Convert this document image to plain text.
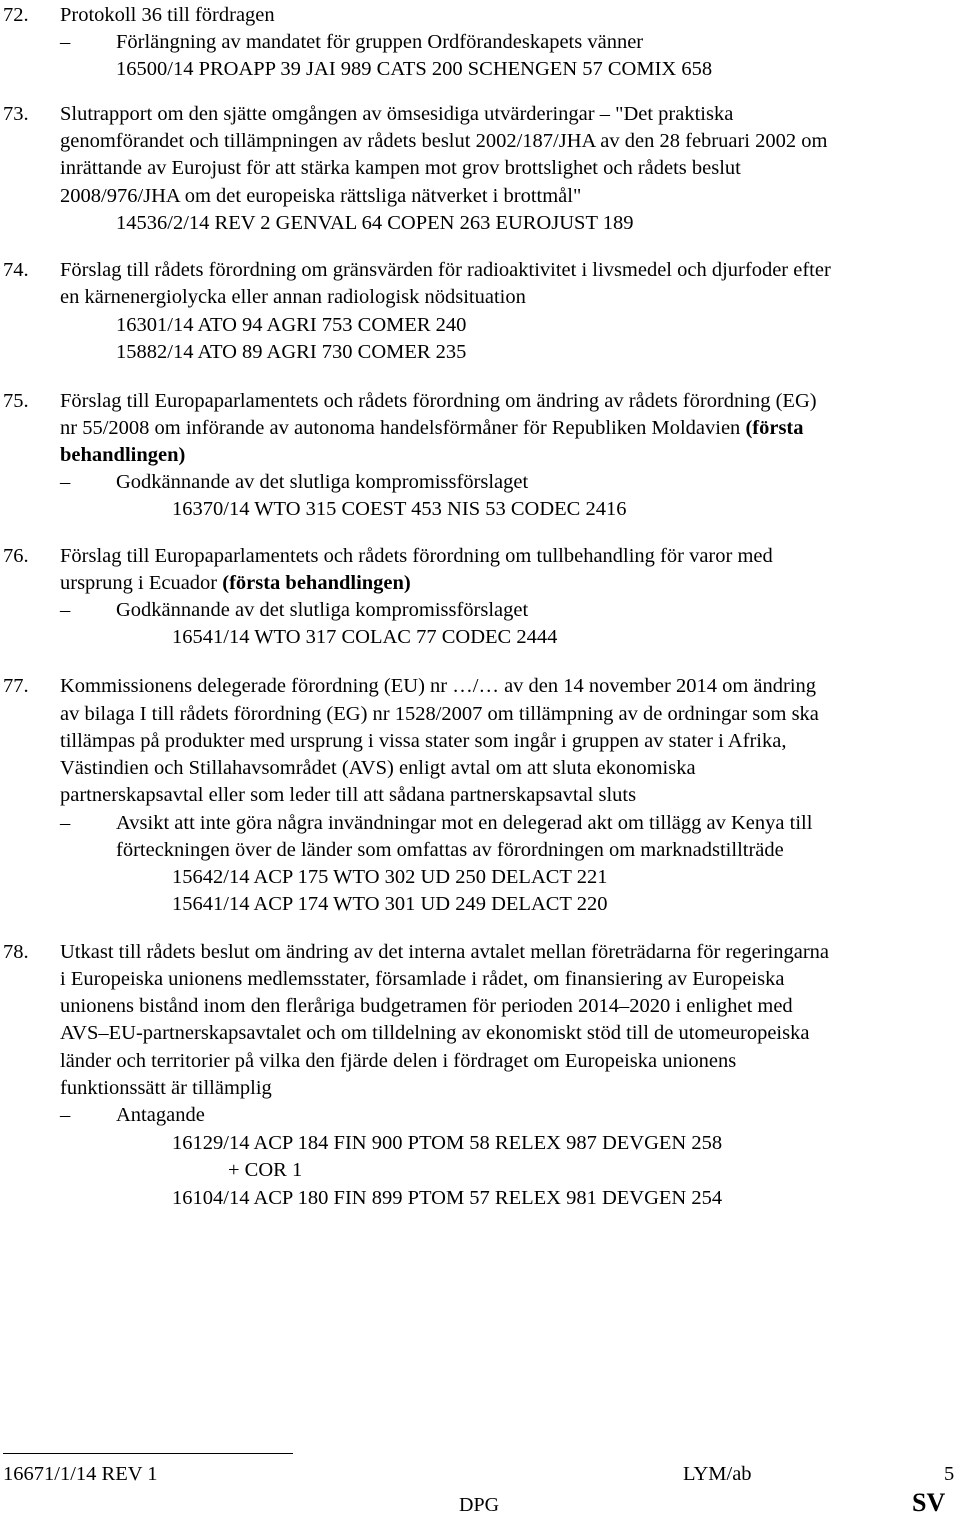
72. Protokoll 36 till fördragen
– Förlängning av mandatet för gruppen Ordförandeskapets vänner
16500/14 PROAPP 39 JAI 989 CATS 200 SCHENGEN 57 COMIX 658
73. Slutrapport om den sjätte omgången av ömsesidiga utvärderingar – "Det praktiska
genomförandet och tillämpningen av rådets beslut 2002/187/JHA av den 28 februari 2002 om
inrättande av Eurojust för att stärka kampen mot grov brottslighet och rådets beslut
2008/976/JHA om det europeiska rättsliga nätverket i brottmål"
14536/2/14 REV 2 GENVAL 64 COPEN 263 EUROJUST 189
74. Förslag till rådets förordning om gränsvärden för radioaktivitet i livsmedel och djurfoder efter
en kärnenergiolycka eller annan radiologisk nödsituation
16301/14 ATO 94 AGRI 753 COMER 240
15882/14 ATO 89 AGRI 730 COMER 235
75. Förslag till Europaparlamentets och rådets förordning om ändring av rådets förordning (EG)
nr 55/2008 om införande av autonoma handelsförmåner för Republiken Moldavien (första
behandlingen)
– Godkännande av det slutliga kompromissförslaget
16370/14 WTO 315 COEST 453 NIS 53 CODEC 2416
76. Förslag till Europaparlamentets och rådets förordning om tullbehandling för varor med
ursprung i Ecuador (första behandlingen)
– Godkännande av det slutliga kompromissförslaget
16541/14 WTO 317 COLAC 77 CODEC 2444
77. Kommissionens delegerade förordning (EU) nr …/… av den 14 november 2014 om ändring
av bilaga I till rådets förordning (EG) nr 1528/2007 om tillämpning av de ordningar som ska
tillämpas på produkter med ursprung i vissa stater som ingår i gruppen av stater i Afrika,
Västindien och Stillahavsområdet (AVS) enligt avtal om att sluta ekonomiska
partnerskapsavtal eller som leder till att sådana partnerskapsavtal sluts
– Avsikt att inte göra några invändningar mot en delegerad akt om tillägg av Kenya till
förteckningen över de länder som omfattas av förordningen om marknadstillträde
15642/14 ACP 175 WTO 302 UD 250 DELACT 221
15641/14 ACP 174 WTO 301 UD 249 DELACT 220
78. Utkast till rådets beslut om ändring av det interna avtalet mellan företrädarna för regeringarna
i Europeiska unionens medlemsstater, församlade i rådet, om finansiering av Europeiska
unionens bistånd inom den fleråriga budgetramen för perioden 2014–2020 i enlighet med
AVS–EU-partnerskapsavtalet och om tilldelning av ekonomiskt stöd till de utomeuropeiska
länder och territorier på vilka den fjärde delen i fördraget om Europeiska unionens
funktionssätt är tillämplig
– Antagande
16129/14 ACP 184 FIN 900 PTOM 58 RELEX 987 DEVGEN 258
+ COR 1
16104/14 ACP 180 FIN 899 PTOM 57 RELEX 981 DEVGEN 254
16671/1/14 REV 1	LYM/ab	5
DPG	SV
